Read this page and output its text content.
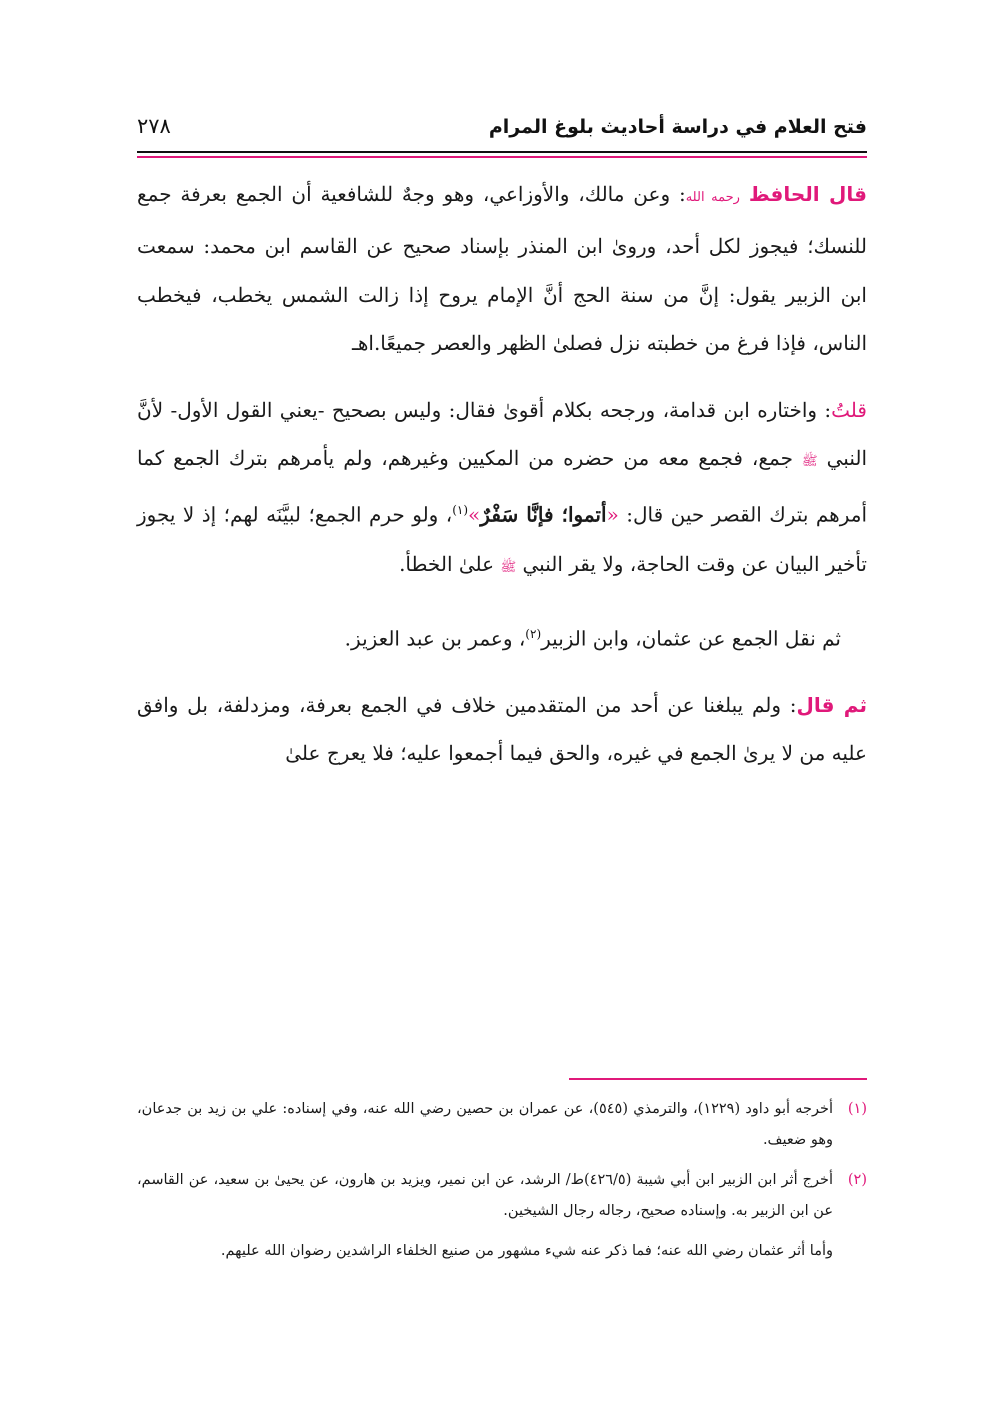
فتح العلام في دراسة أحاديث بلوغ المرام
٢٧٨

قال الحافظ رحمه الله: وعن مالك، والأوزاعي، وهو وجهٌ للشافعية أن الجمع بعرفة جمع للنسك؛ فيجوز لكل أحد، وروىٰ ابن المنذر بإسناد صحيح عن القاسم ابن محمد: سمعت ابن الزبير يقول: إنَّ من سنة الحج أنَّ الإمام يروح إذا زالت الشمس يخطب، فيخطب الناس، فإذا فرغ من خطبته نزل فصلىٰ الظهر والعصر جميعًا.اهـ

قلتُ: واختاره ابن قدامة، ورجحه بكلام أقوىٰ فقال: وليس بصحيح -يعني القول الأول- لأنَّ النبي ﷺ جمع، فجمع معه من حضره من المكيين وغيرهم، ولم يأمرهم بترك الجمع كما أمرهم بترك القصر حين قال: «أتموا؛ فإنَّا سَفْرٌ»$^{(١)}$، ولو حرم الجمع؛ لبيَّنَه لهم؛ إذ لا يجوز تأخير البيان عن وقت الحاجة، ولا يقر النبي ﷺ علىٰ الخطأ.

ثم نقل الجمع عن عثمان، وابن الزبير$^{(٢)}$، وعمر بن عبد العزيز.

ثم قال: ولم يبلغنا عن أحد من المتقدمين خلاف في الجمع بعرفة، ومزدلفة، بل وافق عليه من لا يرىٰ الجمع في غيره، والحق فيما أجمعوا عليه؛ فلا يعرج علىٰ

(١)
أخرجه أبو داود (١٢٢٩)، والترمذي (٥٤٥)، عن عمران بن حصين رضي الله عنه، وفي إسناده: علي بن زيد بن جدعان، وهو ضعيف.
(٢)
أخرج أثر ابن الزبير ابن أبي شيبة (٤٢٦/٥)ط/ الرشد، عن ابن نمير، ويزيد بن هارون، عن يحيىٰ بن سعيد، عن القاسم، عن ابن الزبير به. وإسناده صحيح، رجاله رجال الشيخين.

وأما أثر عثمان رضي الله عنه؛ فما ذكر عنه شيء مشهور من صنيع الخلفاء الراشدين رضوان الله عليهم.
